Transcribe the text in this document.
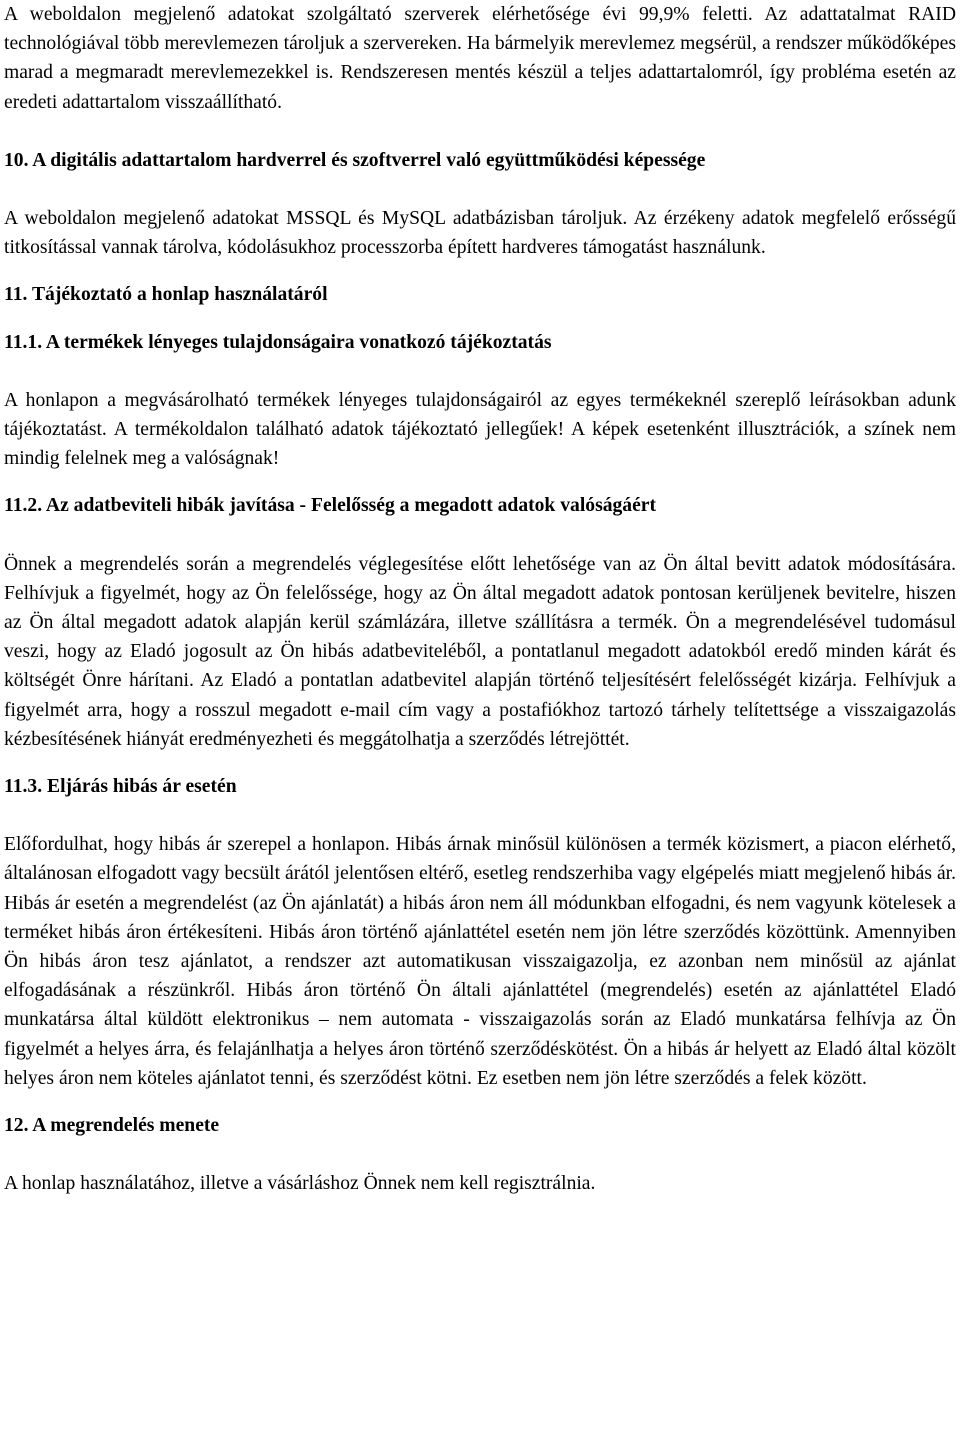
A weboldalon megjelenő adatokat szolgáltató szerverek elérhetősége évi 99,9% feletti. Az adattatalmat RAID technológiával több merevlemezen tároljuk a szervereken. Ha bármelyik merevlemez megsérül, a rendszer működőképes marad a megmaradt merevlemezekkel is. Rendszeresen mentés készül a teljes adattartalomról, így probléma esetén az eredeti adattartalom visszaállítható.

10. A digitális adattartalom hardverrel és szoftverrel való együttműködési képessége

A weboldalon megjelenő adatokat MSSQL és MySQL adatbázisban tároljuk. Az érzékeny adatok megfelelő erősségű titkosítással vannak tárolva, kódolásukhoz processzorba épített hardveres támogatást használunk.

11. Tájékoztató a honlap használatáról

11.1. A termékek lényeges tulajdonságaira vonatkozó tájékoztatás

A honlapon a megvásárolható termékek lényeges tulajdonságairól az egyes termékeknél szereplő leírásokban adunk tájékoztatást. A termékoldalon található adatok tájékoztató jellegűek! A képek esetenként illusztrációk, a színek nem mindig felelnek meg a valóságnak!

11.2. Az adatbeviteli hibák javítása - Felelősség a megadott adatok valóságáért

Önnek a megrendelés során a megrendelés véglegesítése előtt lehetősége van az Ön által bevitt adatok módosítására. Felhívjuk a figyelmét, hogy az Ön felelőssége, hogy az Ön által megadott adatok pontosan kerüljenek bevitelre, hiszen az Ön által megadott adatok alapján kerül számlázára, illetve szállításra a termék. Ön a megrendelésével tudomásul veszi, hogy az Eladó jogosult az Ön hibás adatbeviteléből, a pontatlanul megadott adatokból eredő minden kárát és költségét Önre hárítani. Az Eladó a pontatlan adatbevitel alapján történő teljesítésért felelősségét kizárja. Felhívjuk a figyelmét arra, hogy a rosszul megadott e-mail cím vagy a postafiókhoz tartozó tárhely telítettsége a visszaigazolás kézbesítésének hiányát eredményezheti és meggátolhatja a szerződés létrejöttét.

11.3. Eljárás hibás ár esetén

Előfordulhat, hogy hibás ár szerepel a honlapon. Hibás árnak minősül különösen a termék közismert, a piacon elérhető, általánosan elfogadott vagy becsült árától jelentősen eltérő, esetleg rendszerhiba vagy elgépelés miatt megjelenő hibás ár. Hibás ár esetén a megrendelést (az Ön ajánlatát) a hibás áron nem áll módunkban elfogadni, és nem vagyunk kötelesek a terméket hibás áron értékesíteni. Hibás áron történő ajánlattétel esetén nem jön létre szerződés közöttünk. Amennyiben Ön hibás áron tesz ajánlatot, a rendszer azt automatikusan visszaigazolja, ez azonban nem minősül az ajánlat elfogadásának a részünkről. Hibás áron történő Ön általi ajánlattétel (megrendelés) esetén az ajánlattétel Eladó munkatársa által küldött elektronikus – nem automata - visszaigazolás során az Eladó munkatársa felhívja az Ön figyelmét a helyes árra, és felajánlhatja a helyes áron történő szerződéskötést. Ön a hibás ár helyett az Eladó által közölt helyes áron nem köteles ajánlatot tenni, és szerződést kötni. Ez esetben nem jön létre szerződés a felek között.

12. A megrendelés menete

A honlap használatához, illetve a vásárláshoz Önnek nem kell regisztrálnia.
